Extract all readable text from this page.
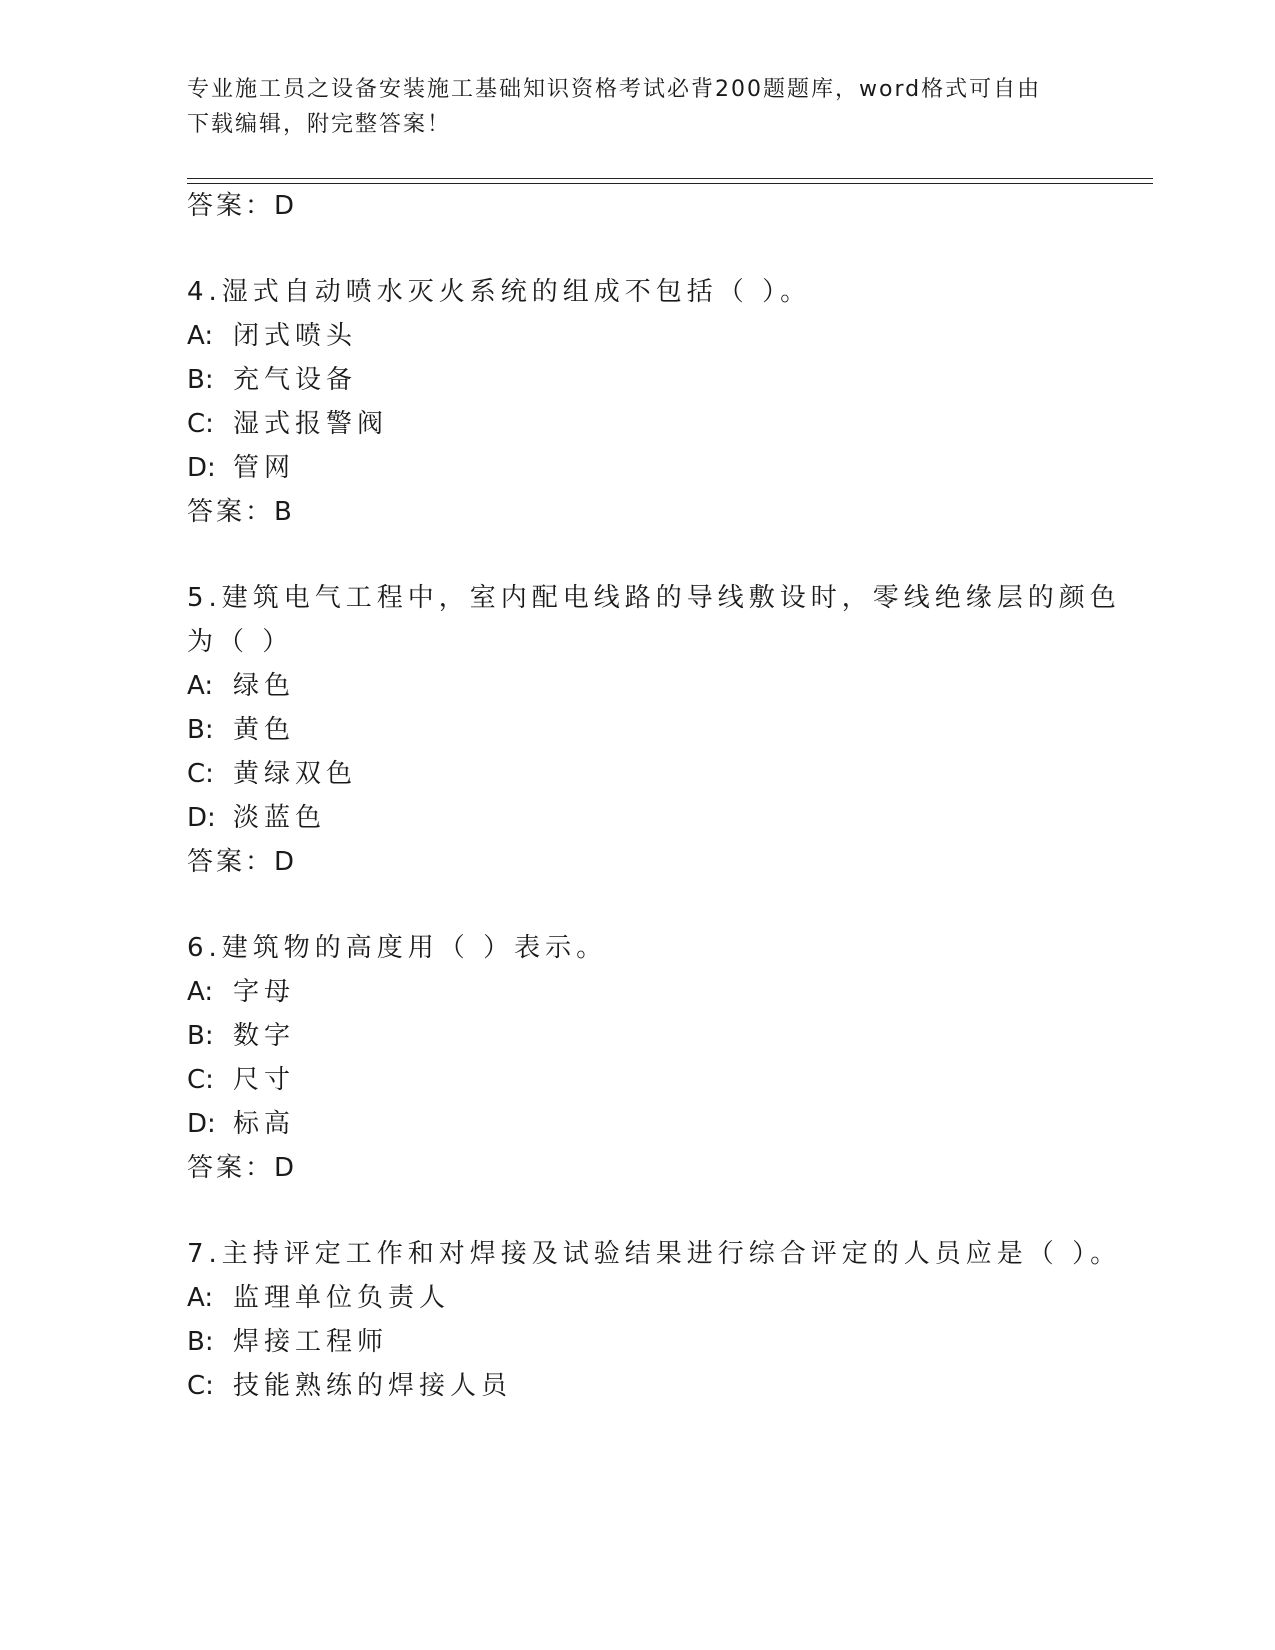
专业施工员之设备安装施工基础知识资格考试必背200题题库，word格式可自由
下载编辑，附完整答案！
答案：D
4.湿式自动喷水灭火系统的组成不包括（ ）。
A: 闭式喷头
B: 充气设备
C: 湿式报警阀
D: 管网
答案：B
5.建筑电气工程中，室内配电线路的导线敷设时，零线绝缘层的颜色
为（ ）
A: 绿色
B: 黄色
C: 黄绿双色
D: 淡蓝色
答案：D
6.建筑物的高度用（ ）表示。
A: 字母
B: 数字
C: 尺寸
D: 标高
答案：D
7.主持评定工作和对焊接及试验结果进行综合评定的人员应是（ ）。
A: 监理单位负责人
B: 焊接工程师
C: 技能熟练的焊接人员
